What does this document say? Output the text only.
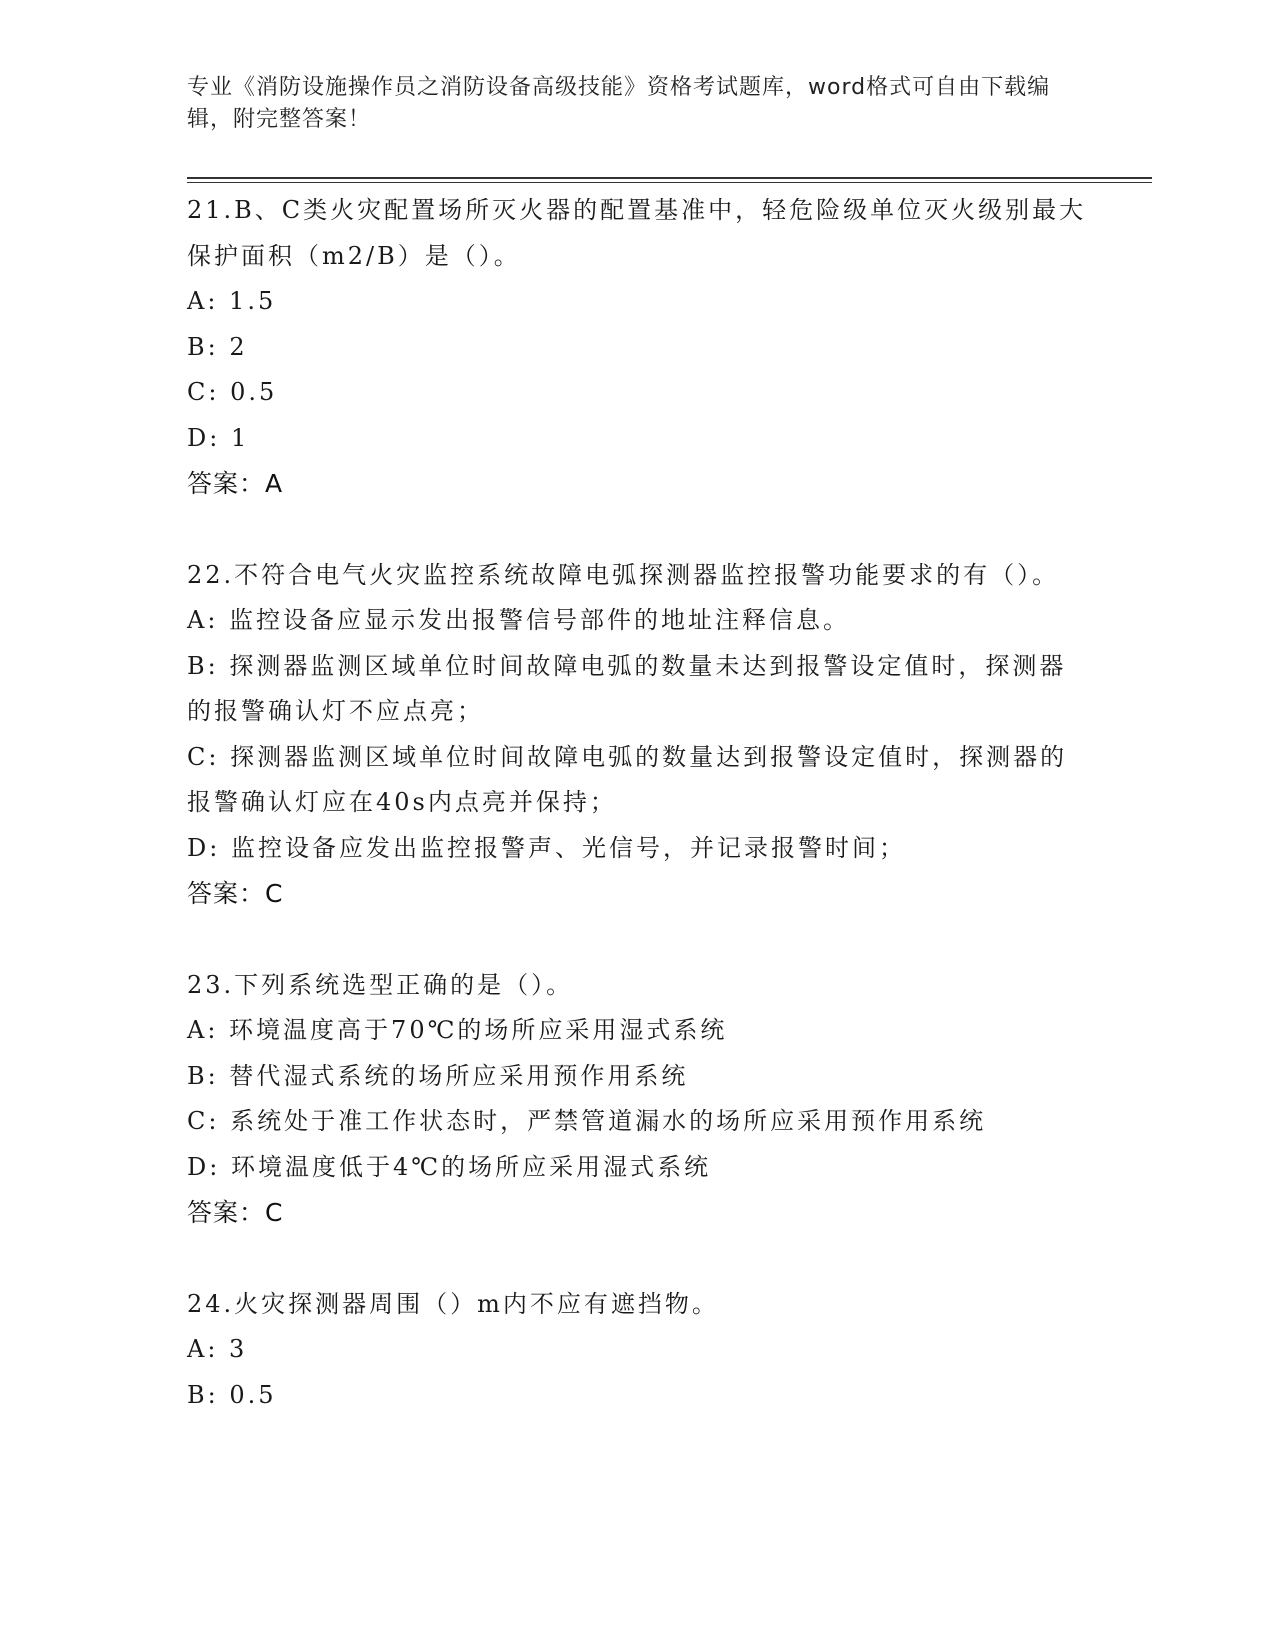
专业《消防设施操作员之消防设备高级技能》资格考试题库，word格式可自由下载编辑，附完整答案！
21.B、C类火灾配置场所灭火器的配置基准中，轻危险级单位灭火级别最大保护面积（m2/B）是（）。
A: 1.5
B: 2
C: 0.5
D: 1
答案：A
22.不符合电气火灾监控系统故障电弧探测器监控报警功能要求的有（）。
A: 监控设备应显示发出报警信号部件的地址注释信息。
B: 探测器监测区域单位时间故障电弧的数量未达到报警设定值时，探测器的报警确认灯不应点亮；
C: 探测器监测区域单位时间故障电弧的数量达到报警设定值时，探测器的报警确认灯应在40s内点亮并保持；
D: 监控设备应发出监控报警声、光信号，并记录报警时间；
答案：C
23.下列系统选型正确的是（）。
A: 环境温度高于70℃的场所应采用湿式系统
B: 替代湿式系统的场所应采用预作用系统
C: 系统处于准工作状态时，严禁管道漏水的场所应采用预作用系统
D: 环境温度低于4℃的场所应采用湿式系统
答案：C
24.火灾探测器周围（）m内不应有遮挡物。
A: 3
B: 0.5
